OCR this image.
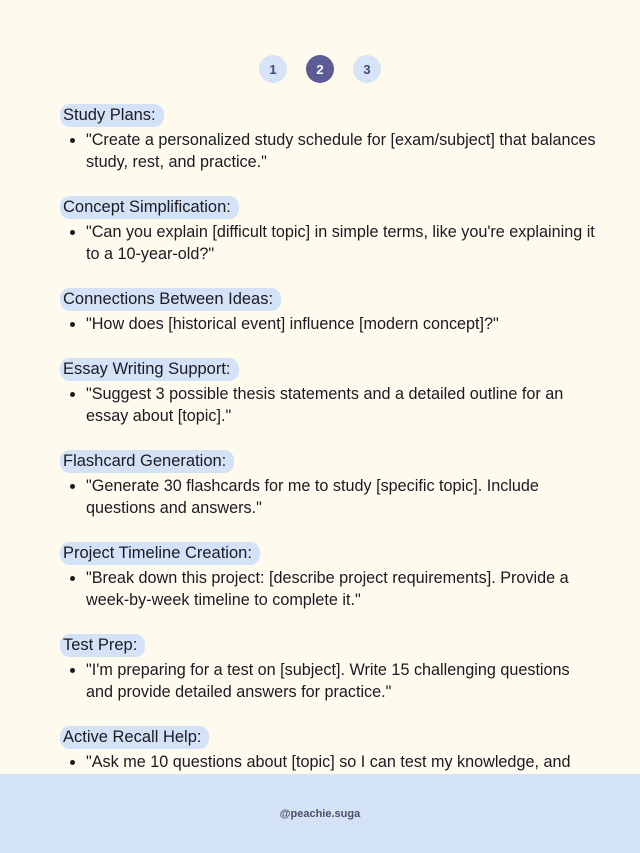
1	2	3
Study Plans:
• "Create a personalized study schedule for [exam/subject] that balances study, rest, and practice."
Concept Simplification:
• "Can you explain [difficult topic] in simple terms, like you're explaining it to a 10-year-old?"
Connections Between Ideas:
• "How does [historical event] influence [modern concept]?"
Essay Writing Support:
• "Suggest 3 possible thesis statements and a detailed outline for an essay about [topic]."
Flashcard Generation:
• "Generate 30 flashcards for me to study [specific topic]. Include questions and answers."
Project Timeline Creation:
• "Break down this project: [describe project requirements]. Provide a week-by-week timeline to complete it."
Test Prep:
• "I'm preparing for a test on [subject]. Write 15 challenging questions and provide detailed answers for practice."
Active Recall Help:
• "Ask me 10 questions about [topic] so I can test my knowledge, and
@peachie.suga
